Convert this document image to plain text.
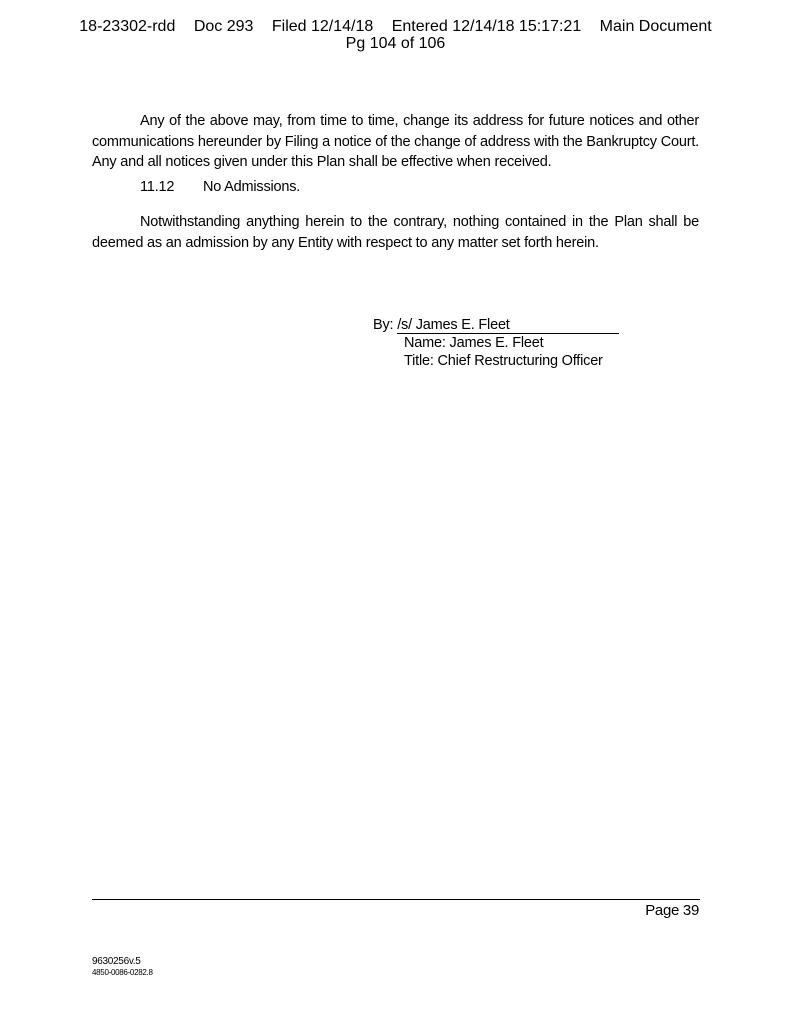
18-23302-rdd Doc 293 Filed 12/14/18 Entered 12/14/18 15:17:21 Main Document
Pg 104 of 106

Any of the above may, from time to time, change its address for future notices and other communications hereunder by Filing a notice of the change of address with the Bankruptcy Court. Any and all notices given under this Plan shall be effective when received.

11.12 No Admissions.

Notwithstanding anything herein to the contrary, nothing contained in the Plan shall be deemed as an admission by any Entity with respect to any matter set forth herein.

By: /s/ James E. Fleet
Name: James E. Fleet
Title: Chief Restructuring Officer
Page 39
9630256v.5
4850-0086-0282.8
